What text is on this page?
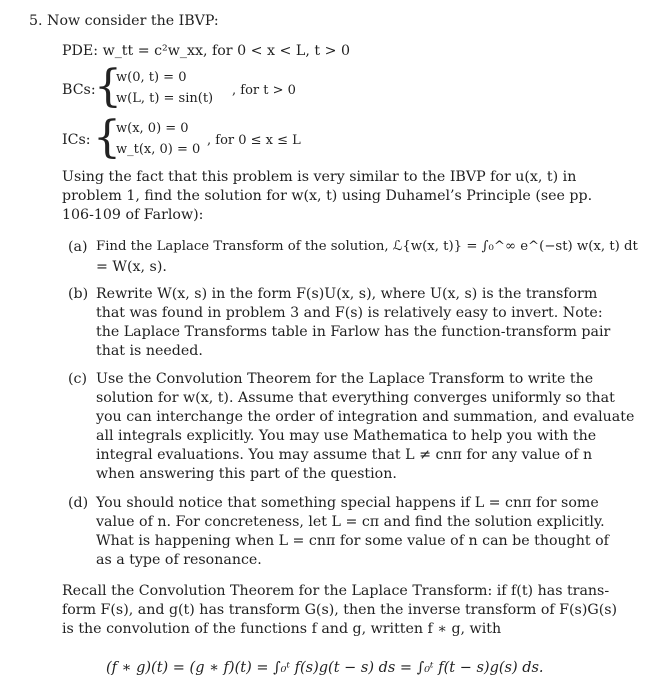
5. Now consider the IBVP:
PDE: w_tt = c²w_xx, for 0 < x < L, t > 0
BCs:
{
w(0, t) = 0
w(L, t) = sin(t)
, for t > 0
ICs: {
w(x, 0) = 0
w_t(x, 0) = 0
, for 0 ≤ x ≤ L
Using the fact that this problem is very similar to the IBVP for u(x, t) in
problem 1, find the solution for w(x, t) using Duhamel’s Principle (see pp.
106-109 of Farlow):
(a) Find the Laplace Transform of the solution, ℒ{w(x, t)} = ∫₀^∞ e^(−st) w(x, t) dt
= W(x, s).
(b) Rewrite W(x, s) in the form F(s)U(x, s), where U(x, s) is the transform
that was found in problem 3 and F(s) is relatively easy to invert. Note:
the Laplace Transforms table in Farlow has the function-transform pair
that is needed.
(c) Use the Convolution Theorem for the Laplace Transform to write the
solution for w(x, t). Assume that everything converges uniformly so that
you can interchange the order of integration and summation, and evaluate
all integrals explicitly. You may use Mathematica to help you with the
integral evaluations. You may assume that L ≠ cnπ for any value of n
when answering this part of the question.
(d) You should notice that something special happens if L = cnπ for some
value of n. For concreteness, let L = cπ and find the solution explicitly.
What is happening when L = cnπ for some value of n can be thought of
as a type of resonance.
Recall the Convolution Theorem for the Laplace Transform: if f(t) has trans-
form F(s), and g(t) has transform G(s), then the inverse transform of F(s)G(s)
is the convolution of the functions f and g, written f ∗ g, with
(f ∗ g)(t) = (g ∗ f)(t) = ∫₀ᵗ f(s)g(t − s) ds = ∫₀ᵗ f(t − s)g(s) ds.
